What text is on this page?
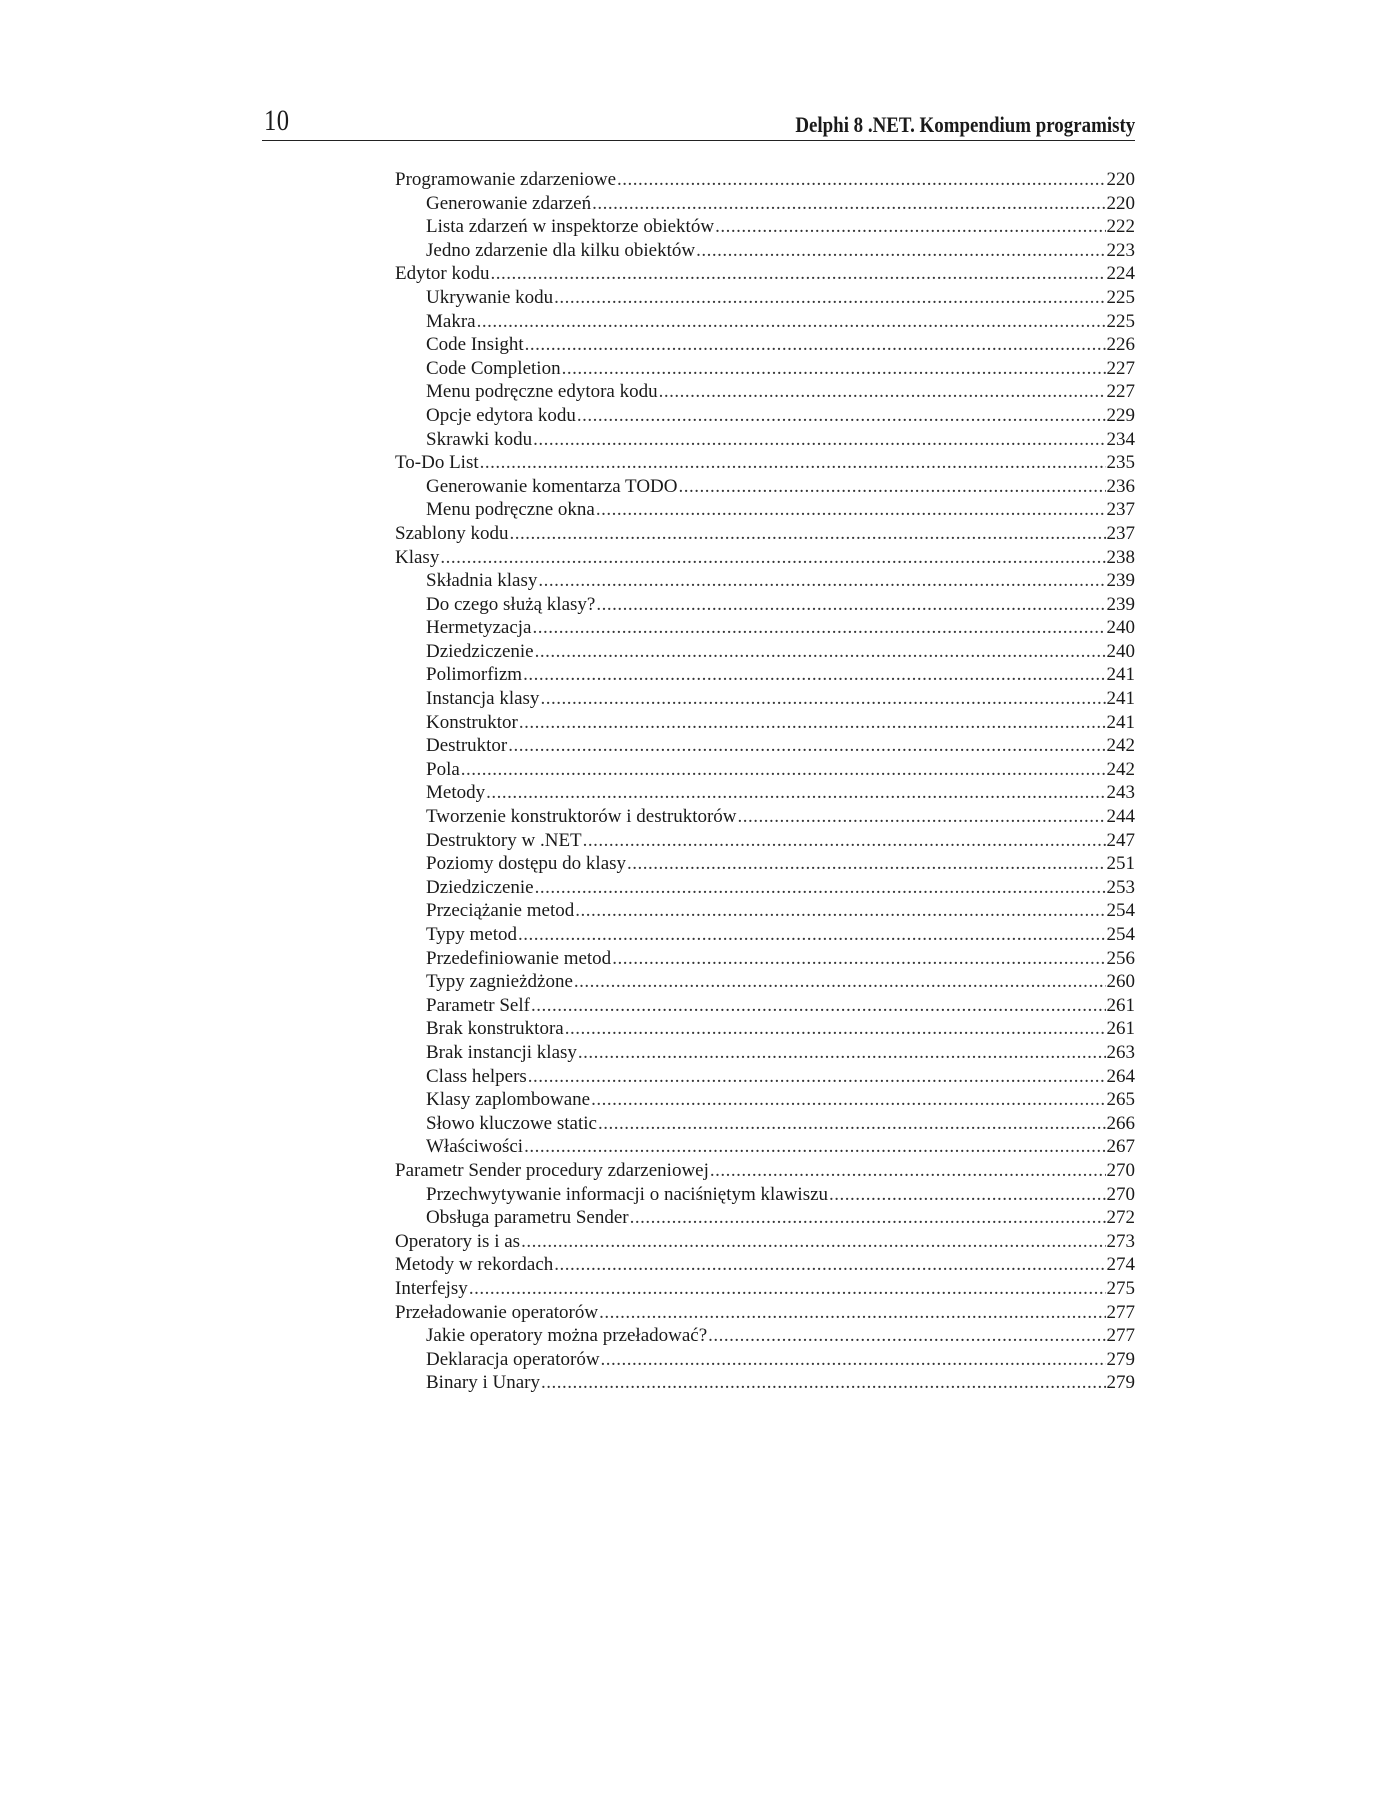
10	Delphi 8 .NET. Kompendium programisty
Programowanie zdarzeniowe .....	220
Generowanie zdarzeń .....	220
Lista zdarzeń w inspektorze obiektów .....	222
Jedno zdarzenie dla kilku obiektów .....	223
Edytor kodu .....	224
Ukrywanie kodu .....	225
Makra .....	225
Code Insight .....	226
Code Completion .....	227
Menu podręczne edytora kodu .....	227
Opcje edytora kodu .....	229
Skrawki kodu .....	234
To-Do List .....	235
Generowanie komentarza TODO .....	236
Menu podręczne okna .....	237
Szablony kodu .....	237
Klasy .....	238
Składnia klasy .....	239
Do czego służą klasy? .....	239
Hermetyzacja .....	240
Dziedziczenie .....	240
Polimorfizm .....	241
Instancja klasy .....	241
Konstruktor .....	241
Destruktor .....	242
Pola .....	242
Metody .....	243
Tworzenie konstruktorów i destruktorów .....	244
Destruktory w .NET .....	247
Poziomy dostępu do klasy .....	251
Dziedziczenie .....	253
Przeciążanie metod .....	254
Typy metod .....	254
Przedefiniowanie metod .....	256
Typy zagnieżdżone .....	260
Parametr Self .....	261
Brak konstruktora .....	261
Brak instancji klasy .....	263
Class helpers .....	264
Klasy zaplombowane .....	265
Słowo kluczowe static .....	266
Właściwości .....	267
Parametr Sender procedury zdarzeniowej .....	270
Przechwytywanie informacji o naciśniętym klawiszu .....	270
Obsługa parametru Sender .....	272
Operatory is i as .....	273
Metody w rekordach .....	274
Interfejsy .....	275
Przeładowanie operatorów .....	277
Jakie operatory można przeładować? .....	277
Deklaracja operatorów .....	279
Binary i Unary .....	279
